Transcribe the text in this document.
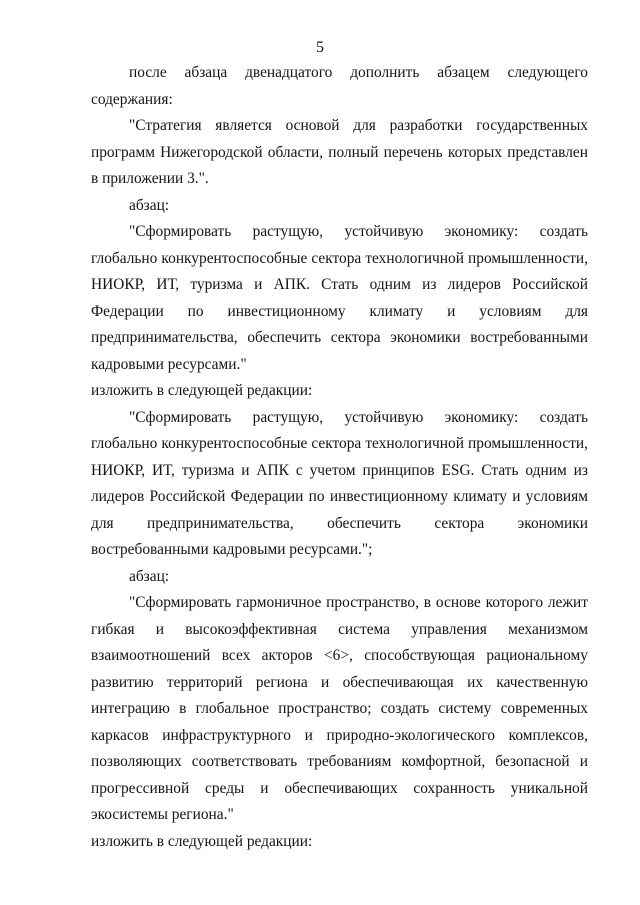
5

после абзаца двенадцатого дополнить абзацем следующего содержания:

"Стратегия является основой для разработки государственных программ Нижегородской области, полный перечень которых представлен в приложении 3.".

абзац:

"Сформировать растущую, устойчивую экономику: создать глобально конкурентоспособные сектора технологичной промышленности, НИОКР, ИТ, туризма и АПК. Стать одним из лидеров Российской Федерации по инвестиционному климату и условиям для предпринимательства, обеспечить сектора экономики востребованными кадровыми ресурсами."

изложить в следующей редакции:

"Сформировать растущую, устойчивую экономику: создать глобально конкурентоспособные сектора технологичной промышленности, НИОКР, ИТ, туризма и АПК с учетом принципов ESG. Стать одним из лидеров Российской Федерации по инвестиционному климату и условиям для предпринимательства, обеспечить сектора экономики востребованными кадровыми ресурсами.";

абзац:

"Сформировать гармоничное пространство, в основе которого лежит гибкая и высокоэффективная система управления механизмом взаимоотношений всех акторов <6>, способствующая рациональному развитию территорий региона и обеспечивающая их качественную интеграцию в глобальное пространство; создать систему современных каркасов инфраструктурного и природно-экологического комплексов, позволяющих соответствовать требованиям комфортной, безопасной и прогрессивной среды и обеспечивающих сохранность уникальной экосистемы региона."

изложить в следующей редакции:
